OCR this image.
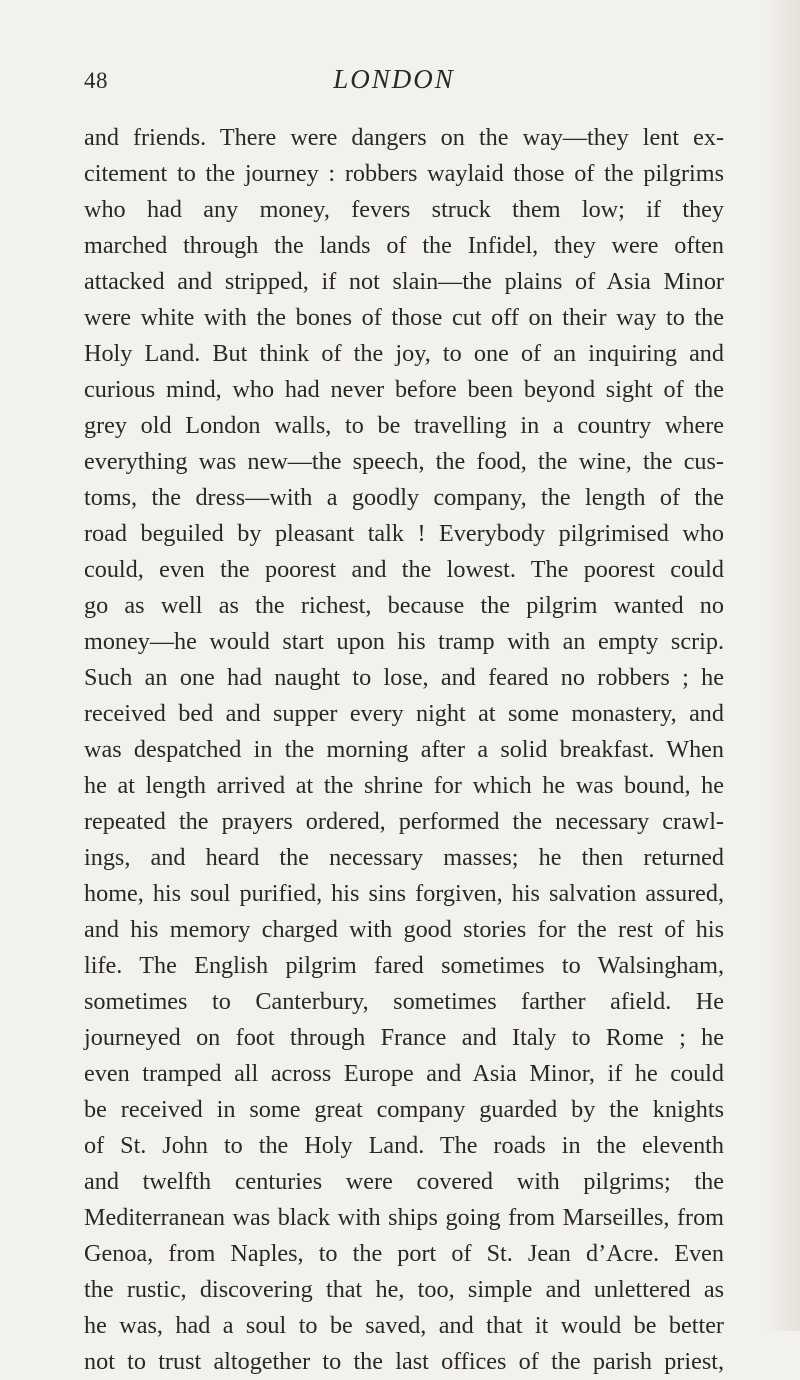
48	LONDON
and friends. There were dangers on the way—they lent ex-
citement to the journey : robbers waylaid those of the pilgrims
who had any money, fevers struck them low; if they
marched through the lands of the Infidel, they were often
attacked and stripped, if not slain—the plains of Asia Minor
were white with the bones of those cut off on their way to the
Holy Land. But think of the joy, to one of an inquiring and
curious mind, who had never before been beyond sight of the
grey old London walls, to be travelling in a country where
everything was new—the speech, the food, the wine, the cus-
toms, the dress—with a goodly company, the length of the
road beguiled by pleasant talk ! Everybody pilgrimised who
could, even the poorest and the lowest. The poorest could
go as well as the richest, because the pilgrim wanted no
money—he would start upon his tramp with an empty scrip.
Such an one had naught to lose, and feared no robbers ; he
received bed and supper every night at some monastery, and
was despatched in the morning after a solid breakfast. When
he at length arrived at the shrine for which he was bound, he
repeated the prayers ordered, performed the necessary crawl-
ings, and heard the necessary masses; he then returned
home, his soul purified, his sins forgiven, his salvation assured,
and his memory charged with good stories for the rest of his
life. The English pilgrim fared sometimes to Walsingham,
sometimes to Canterbury, sometimes farther afield. He
journeyed on foot through France and Italy to Rome ; he
even tramped all across Europe and Asia Minor, if he could
be received in some great company guarded by the knights
of St. John to the Holy Land. The roads in the eleventh
and twelfth centuries were covered with pilgrims; the
Mediterranean was black with ships going from Marseilles, from
Genoa, from Naples, to the port of St. Jean d’Acre. Even
the rustic, discovering that he, too, simple and unlettered as
he was, had a soul to be saved, and that it would be better
not to trust altogether to the last offices of the parish priest,
